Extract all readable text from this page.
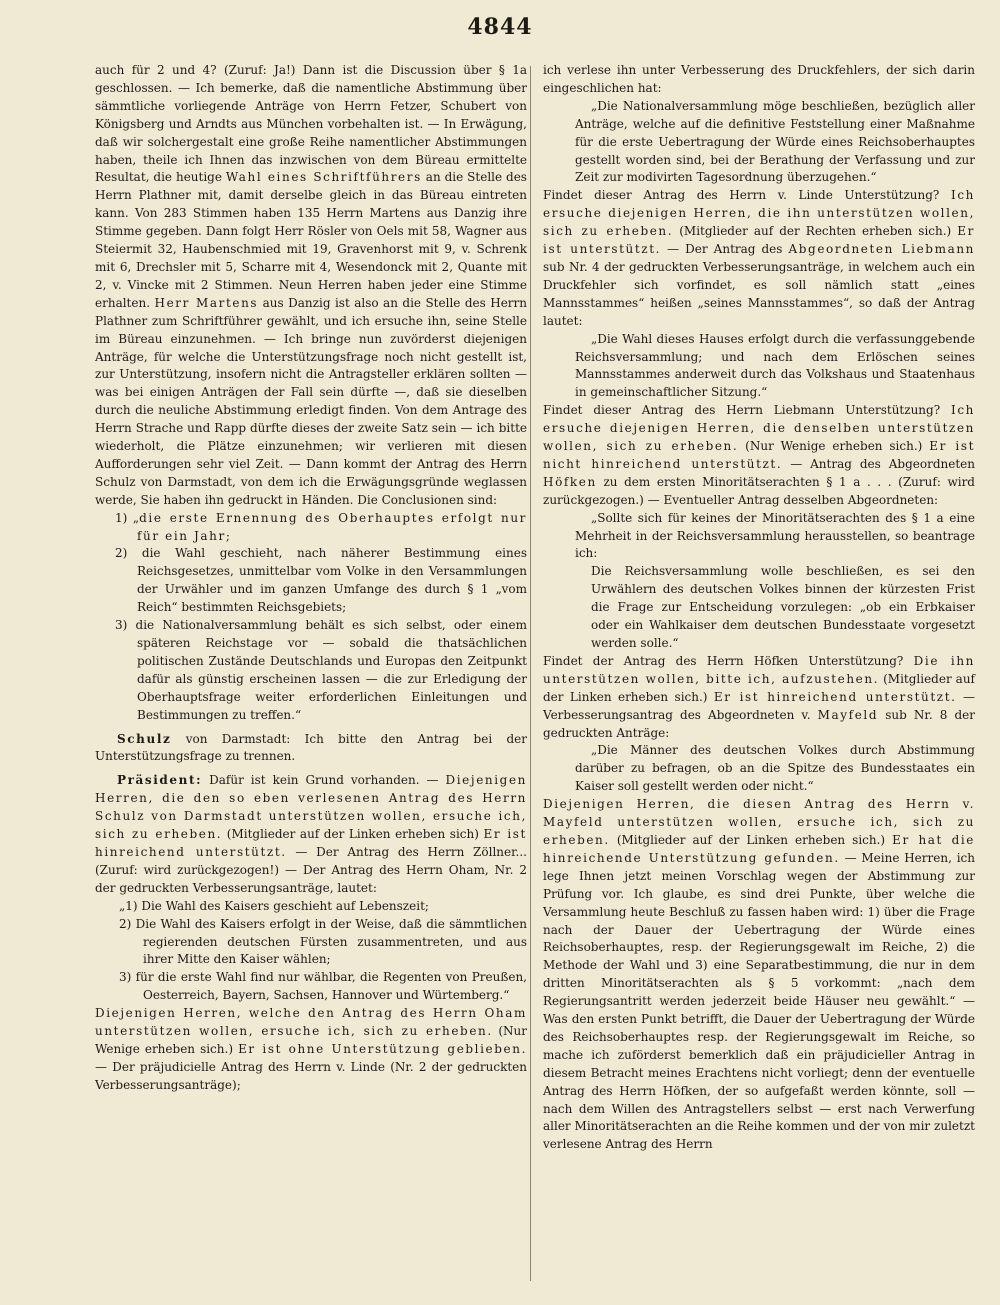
4844

auch für 2 und 4? (Zuruf: Ja!) Dann ist die Discussion über § 1a geschlossen. — Ich bemerke, daß die namentliche Abstimmung über sämmtliche vorliegende Anträge von Herrn Fetzer, Schubert von Königsberg und Arndts aus München vorbehalten ist. — In Erwägung, daß wir solchergestalt eine große Reihe namentlicher Abstimmungen haben, theile ich Ihnen das inzwischen von dem Büreau ermittelte Resultat, die heutige Wahl eines Schriftführers an die Stelle des Herrn Plathner mit, damit derselbe gleich in das Büreau eintreten kann. Von 283 Stimmen haben 135 Herrn Martens aus Danzig ihre Stimme gegeben. Dann folgt Herr Rösler von Oels mit 58, Wagner aus Steiermit 32, Haubenschmied mit 19, Gravenhorst mit 9, v. Schrenk mit 6, Drechsler mit 5, Scharre mit 4, Wesendonck mit 2, Quante mit 2, v. Vincke mit 2 Stimmen. Neun Herren haben jeder eine Stimme erhalten. Herr Martens aus Danzig ist also an die Stelle des Herrn Plathner zum Schriftführer gewählt, und ich ersuche ihn, seine Stelle im Büreau einzunehmen. — Ich bringe nun zuvörderst diejenigen Anträge, für welche die Unterstützungsfrage noch nicht gestellt ist, zur Unterstützung, insofern nicht die Antragsteller erklären sollten — was bei einigen Anträgen der Fall sein dürfte —, daß sie dieselben durch die neuliche Abstimmung erledigt finden. Von dem Antrage des Herrn Strache und Rapp dürfte dieses der zweite Satz sein — ich bitte wiederholt, die Plätze einzunehmen; wir verlieren mit diesen Aufforderungen sehr viel Zeit. — Dann kommt der Antrag des Herrn Schulz von Darmstadt, von dem ich die Erwägungsgründe weglassen werde, Sie haben ihn gedruckt in Händen. Die Conclusionen sind:

1) „die erste Ernennung des Oberhauptes erfolgt nur für ein Jahr;
2) die Wahl geschieht, nach näherer Bestimmung eines Reichsgesetzes, unmittelbar vom Volke in den Versammlungen der Urwähler und im ganzen Umfange des durch § 1 „vom Reich“ bestimmten Reichsgebiets;
3) die Nationalversammlung behält es sich selbst, oder einem späteren Reichstage vor — sobald die thatsächlichen politischen Zustände Deutschlands und Europas den Zeitpunkt dafür als günstig erscheinen lassen — die zur Erledigung der Oberhauptsfrage weiter erforderlichen Einleitungen und Bestimmungen zu treffen.“

Schulz von Darmstadt: Ich bitte den Antrag bei der Unterstützungsfrage zu trennen.

Präsident: Dafür ist kein Grund vorhanden. — Diejenigen Herren, die den so eben verlesenen Antrag des Herrn Schulz von Darmstadt unterstützen wollen, ersuche ich, sich zu erheben. (Mitglieder auf der Linken erheben sich) Er ist hinreichend unterstützt. — Der Antrag des Herrn Zöllner... (Zuruf: wird zurückgezogen!) — Der Antrag des Herrn Oham, Nr. 2 der gedruckten Verbesserungsanträge, lautet:

„1) Die Wahl des Kaisers geschieht auf Lebenszeit;

2) Die Wahl des Kaisers erfolgt in der Weise, daß die sämmtlichen regierenden deutschen Fürsten zusammentreten, und aus ihrer Mitte den Kaiser wählen;

3) für die erste Wahl find nur wählbar, die Regenten von Preußen, Oesterreich, Bayern, Sachsen, Hannover und Würtemberg.“

Diejenigen Herren, welche den Antrag des Herrn Oham unterstützen wollen, ersuche ich, sich zu erheben. (Nur Wenige erheben sich.) Er ist ohne Unterstützung geblieben. — Der präjudicielle Antrag des Herrn v. Linde (Nr. 2 der gedruckten Verbesserungsanträge);

ich verlese ihn unter Verbesserung des Druckfehlers, der sich darin eingeschlichen hat:

„Die Nationalversammlung möge beschließen, bezüglich aller Anträge, welche auf die definitive Feststellung einer Maßnahme für die erste Uebertragung der Würde eines Reichsoberhauptes gestellt worden sind, bei der Berathung der Verfassung und zur Zeit zur modivirten Tagesordnung überzugehen.“

Findet dieser Antrag des Herrn v. Linde Unterstützung? Ich ersuche diejenigen Herren, die ihn unterstützen wollen, sich zu erheben. (Mitglieder auf der Rechten erheben sich.) Er ist unterstützt. — Der Antrag des Abgeordneten Liebmann sub Nr. 4 der gedruckten Verbesserungsanträge, in welchem auch ein Druckfehler sich vorfindet, es soll nämlich statt „eines Mannsstammes“ heißen „seines Mannsstammes“, so daß der Antrag lautet:

„Die Wahl dieses Hauses erfolgt durch die verfassunggebende Reichsversammlung; und nach dem Erlöschen seines Mannsstammes anderweit durch das Volkshaus und Staatenhaus in gemeinschaftlicher Sitzung.“

Findet dieser Antrag des Herrn Liebmann Unterstützung? Ich ersuche diejenigen Herren, die denselben unterstützen wollen, sich zu erheben. (Nur Wenige erheben sich.) Er ist nicht hinreichend unterstützt. — Antrag des Abgeordneten Höfken zu dem ersten Minoritätserachten § 1 a . . . (Zuruf: wird zurückgezogen.) — Eventueller Antrag desselben Abgeordneten:

„Sollte sich für keines der Minoritätserachten des § 1 a eine Mehrheit in der Reichsversammlung herausstellen, so beantrage ich:

Die Reichsversammlung wolle beschließen, es sei den Urwählern des deutschen Volkes binnen der kürzesten Frist die Frage zur Entscheidung vorzulegen: „ob ein Erbkaiser oder ein Wahlkaiser dem deutschen Bundesstaate vorgesetzt werden solle.“

Findet der Antrag des Herrn Höfken Unterstützung? Die ihn unterstützen wollen, bitte ich, aufzustehen. (Mitglieder auf der Linken erheben sich.) Er ist hinreichend unterstützt. — Verbesserungsantrag des Abgeordneten v. Mayfeld sub Nr. 8 der gedruckten Anträge:

„Die Männer des deutschen Volkes durch Abstimmung darüber zu befragen, ob an die Spitze des Bundesstaates ein Kaiser soll gestellt werden oder nicht.“

Diejenigen Herren, die diesen Antrag des Herrn v. Mayfeld unterstützen wollen, ersuche ich, sich zu erheben. (Mitglieder auf der Linken erheben sich.) Er hat die hinreichende Unterstützung gefunden. — Meine Herren, ich lege Ihnen jetzt meinen Vorschlag wegen der Abstimmung zur Prüfung vor. Ich glaube, es sind drei Punkte, über welche die Versammlung heute Beschluß zu fassen haben wird: 1) über die Frage nach der Dauer der Uebertragung der Würde eines Reichsoberhauptes, resp. der Regierungsgewalt im Reiche, 2) die Methode der Wahl und 3) eine Separatbestimmung, die nur in dem dritten Minoritätserachten als § 5 vorkommt: „nach dem Regierungsantritt werden jederzeit beide Häuser neu gewählt.“ — Was den ersten Punkt betrifft, die Dauer der Uebertragung der Würde des Reichsoberhauptes resp. der Regierungsgewalt im Reiche, so mache ich zuförderst bemerklich daß ein präjudicieller Antrag in diesem Betracht meines Erachtens nicht vorliegt; denn der eventuelle Antrag des Herrn Höfken, der so aufgefaßt werden könnte, soll — nach dem Willen des Antragstellers selbst — erst nach Verwerfung aller Minoritätserachten an die Reihe kommen und der von mir zuletzt verlesene Antrag des Herrn
